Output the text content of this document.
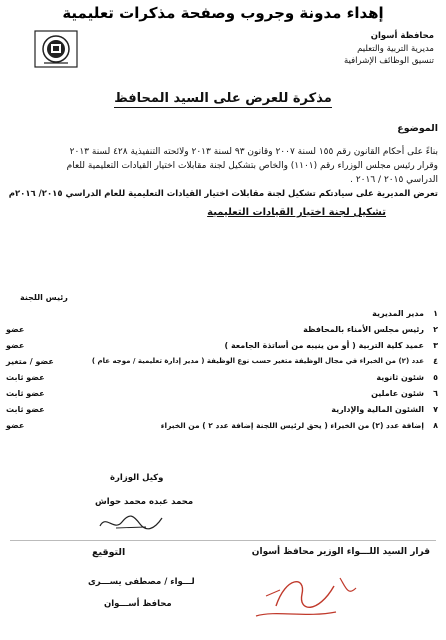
إهداء مدونة وجروب وصفحة مذكرات تعليمية
محافظة أسوان
مديرية التربية والتعليم
تنسيق الوظائف الإشرافية
مذكرة للعرض على السيد المحافظ
الموضوع
بناءً على أحكام القانون رقم ١٥٥ لسنة ٢٠٠٧ وقانون ٩٣ لسنة ٢٠١٣ ولائحته التنفيذية ٤٢٨ لسنة ٢٠١٣
وقرار رئيس مجلس الوزراء رقم (١١٠١) والخاص بتشكيل لجنة مقابلات اختيار القيادات التعليمية للعام
الدراسي ٢٠١٥ / ٢٠١٦ .
تعرض المديرية على سيادتكم تشكيل لجنة مقابلات اختيار القيادات التعليمية للعام الدراسي ٢٠١٥/ ٢٠١٦م
تشكيل لجنة اختيار القيادات التعليمية
رئيس اللجنة
١
مدير المديرية
٢
رئيس مجلس الأمناء بالمحافظة
عضو
٣
عميد كلية التربية ( أو من ينيبه من أساتذة الجامعة )
عضو
٤
عدد (٢) من الخبراء في مجال الوظيفة متغير حسب نوع الوظيفة ( مدير إدارة تعليمية / موجه عام )
عضو / متغير
٥
شئون ثانوية
عضو ثابت
٦
شئون عاملين
عضو ثابت
٧
الشئون المالية والإدارية
عضو ثابت
٨
إضافة عدد (٢) من الخبراء ( يحق لرئيس اللجنة إضافة عدد ٢ ) من الخبراء
عضو
وكيل الوزارة
محمد عبده محمد حواش
قرار السيد اللـــواء الوزير محافظ أسوان
التوقيع
لـــواء / مصطفى يســـرى
محافظ أســـوان
